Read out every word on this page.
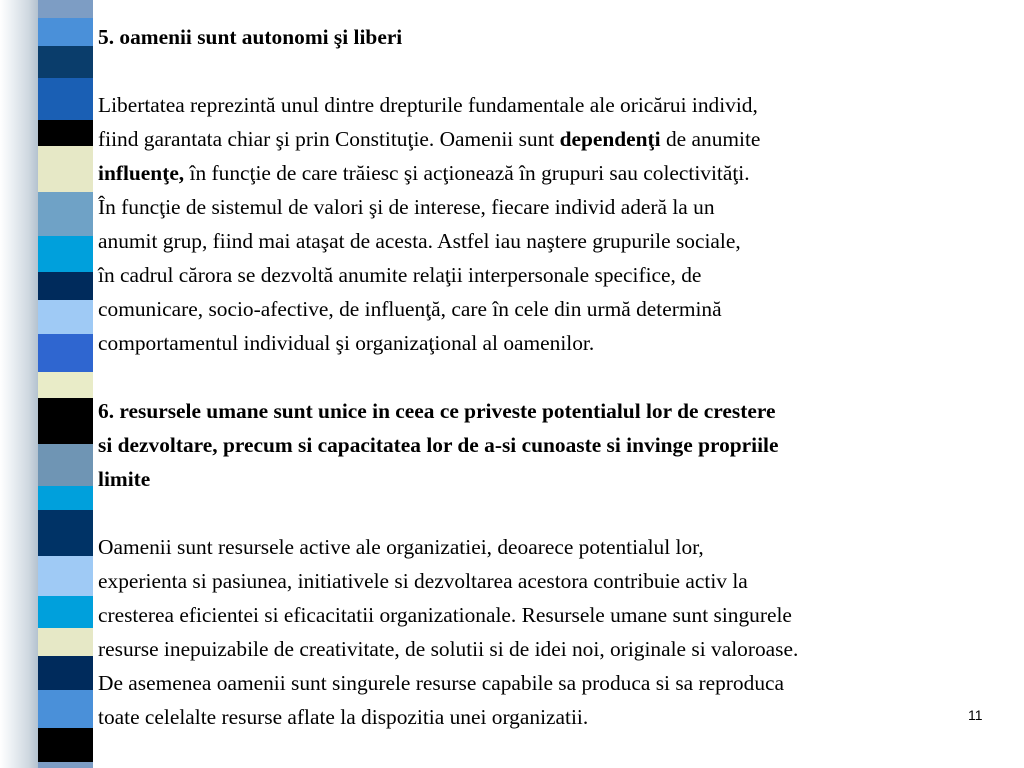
5. oamenii sunt autonomi şi liberi
Libertatea reprezintă unul dintre drepturile fundamentale ale oricărui individ,
fiind garantata chiar şi prin Constituţie. Oamenii sunt dependenţi de anumite
influenţe, în funcţie de care trăiesc şi acţionează în grupuri sau colectivităţi.
În funcţie de sistemul de valori şi de interese, fiecare individ aderă la un
anumit grup, fiind mai ataşat de acesta. Astfel iau naştere grupurile sociale,
în cadrul cărora se dezvoltă anumite relaţii interpersonale specifice, de
comunicare, socio-afective, de influenţă, care în cele din urmă determină
comportamentul individual şi organizaţional al oamenilor.
6. resursele umane sunt unice in ceea ce priveste potentialul lor de crestere
si dezvoltare, precum si capacitatea lor de a-si cunoaste si invinge propriile
limite
Oamenii sunt resursele active ale organizatiei, deoarece potentialul lor,
experienta si pasiunea, initiativele si dezvoltarea acestora contribuie activ la
cresterea eficientei si eficacitatii organizationale. Resursele umane sunt singurele
resurse inepuizabile de creativitate, de solutii si de idei noi, originale si valoroase.
De asemenea oamenii sunt singurele resurse capabile sa produca si sa reproduca
toate celelalte resurse aflate la dispozitia unei organizatii.	11
